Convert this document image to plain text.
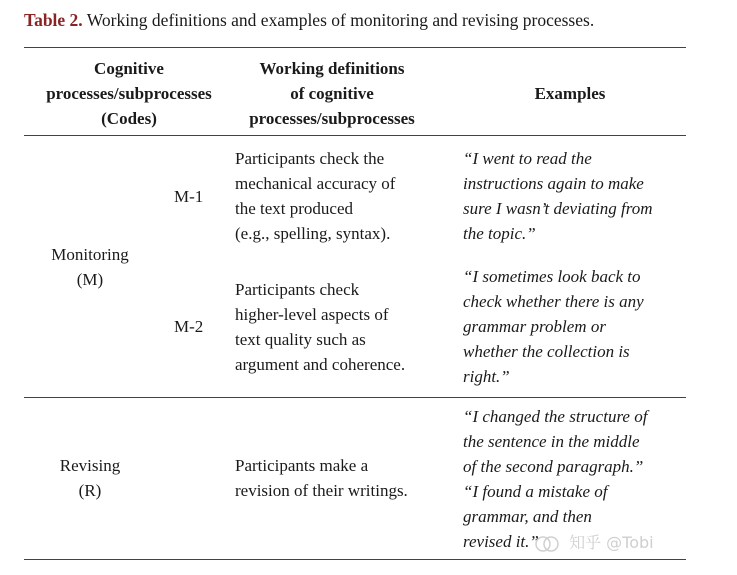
Table 2. Working definitions and examples of monitoring and revising processes.
Cognitive
processes/subprocesses
(Codes)
Working definitions
of cognitive
processes/subprocesses
Examples
Monitoring
(M)
M-1
Participants check the
mechanical accuracy of
the text produced
(e.g., spelling, syntax).
“I went to read the
instructions again to make
sure I wasn’t deviating from
the topic.”
M-2
Participants check
higher-level aspects of
text quality such as
argument and coherence.
“I sometimes look back to
check whether there is any
grammar problem or
whether the collection is
right.”
Revising
(R)
Participants make a
revision of their writings.
“I changed the structure of
the sentence in the middle
of the second paragraph.”
“I found a mistake of
grammar, and then
revised it.”	知乎 @Tobi
